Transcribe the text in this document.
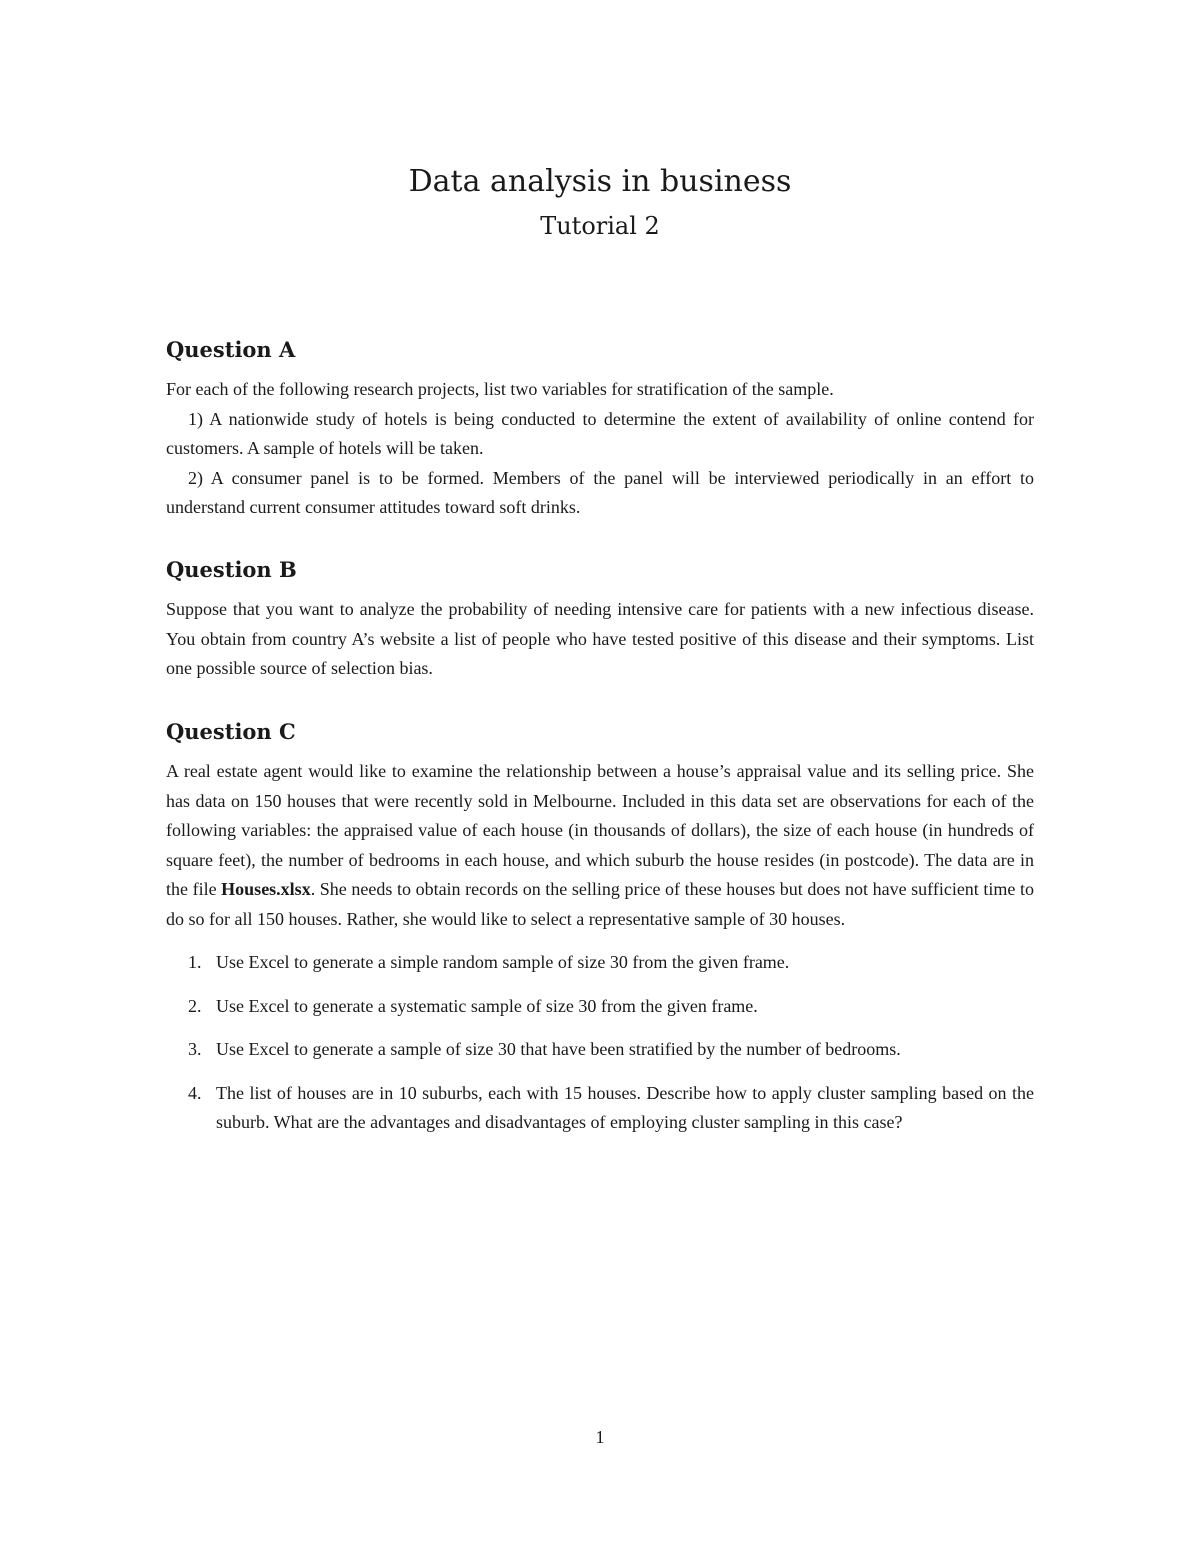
Data analysis in business
Tutorial 2
Question A

For each of the following research projects, list two variables for stratification of the sample.

1) A nationwide study of hotels is being conducted to determine the extent of availability of online contend for customers. A sample of hotels will be taken.

2) A consumer panel is to be formed. Members of the panel will be interviewed periodically in an effort to understand current consumer attitudes toward soft drinks.

Question B

Suppose that you want to analyze the probability of needing intensive care for patients with a new infectious disease. You obtain from country A’s website a list of people who have tested positive of this disease and their symptoms. List one possible source of selection bias.

Question C

A real estate agent would like to examine the relationship between a house’s appraisal value and its selling price. She has data on 150 houses that were recently sold in Melbourne. Included in this data set are observations for each of the following variables: the appraised value of each house (in thousands of dollars), the size of each house (in hundreds of square feet), the number of bedrooms in each house, and which suburb the house resides (in postcode). The data are in the file Houses.xlsx. She needs to obtain records on the selling price of these houses but does not have sufficient time to do so for all 150 houses. Rather, she would like to select a representative sample of 30 houses.

1. Use Excel to generate a simple random sample of size 30 from the given frame.
2. Use Excel to generate a systematic sample of size 30 from the given frame.
3. Use Excel to generate a sample of size 30 that have been stratified by the number of bedrooms.
4. The list of houses are in 10 suburbs, each with 15 houses. Describe how to apply cluster sampling based on the suburb. What are the advantages and disadvantages of employing cluster sampling in this case?
1
